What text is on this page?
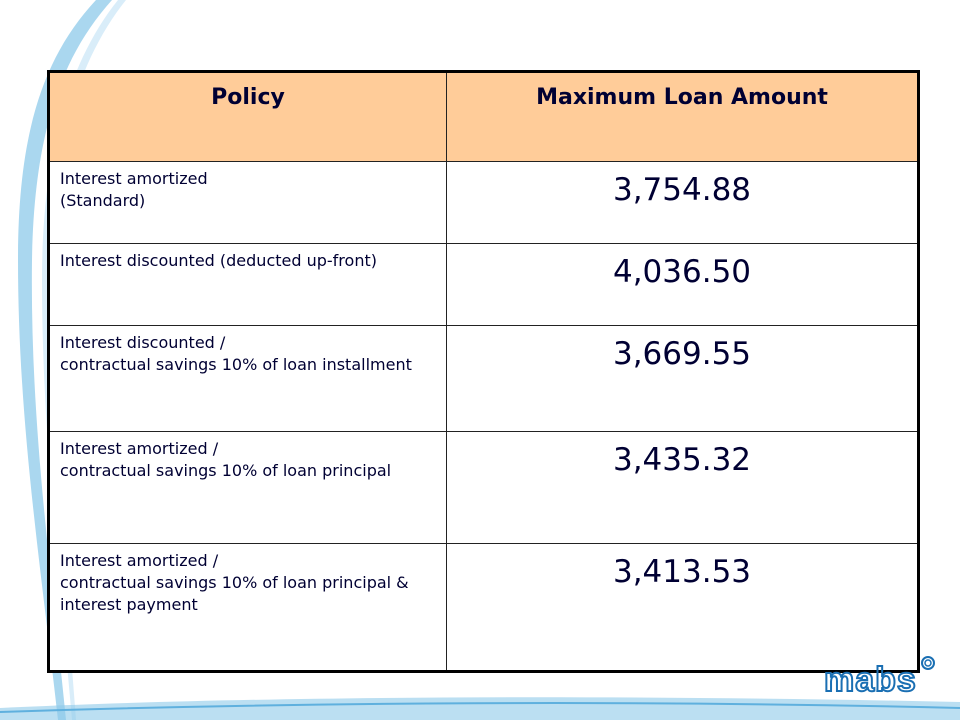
Policy	Maximum Loan Amount

Interest amortized
(Standard)	3,754.88

Interest discounted (deducted up-front)	4,036.50

Interest discounted /
contractual savings 10% of loan installment	3,669.55

Interest amortized /
contractual savings 10% of loan principal	3,435.32

Interest amortized /
contractual savings 10% of loan principal & interest payment	3,413.53
mabs
